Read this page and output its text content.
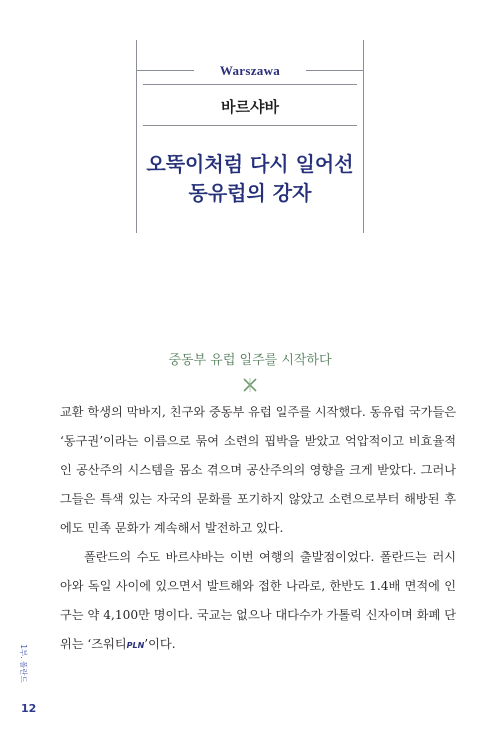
Warszawa
바르샤바
오뚝이처럼 다시 일어선
동유럽의 강자
중동부 유럽 일주를 시작하다

교환 학생의 막바지, 친구와 중동부 유럽 일주를 시작했다. 동유럽 국가들은 ‘동구권’이라는 이름으로 묶여 소련의 핍박을 받았고 억압적이고 비효율적인 공산주의 시스템을 몸소 겪으며 공산주의의 영향을 크게 받았다. 그러나 그들은 특색 있는 자국의 문화를 포기하지 않았고 소련으로부터 해방된 후에도 민족 문화가 계속해서 발전하고 있다.

폴란드의 수도 바르샤바는 이번 여행의 출발점이었다. 폴란드는 러시아와 독일 사이에 있으면서 발트해와 접한 나라로, 한반도 1.4배 면적에 인구는 약 4,100만 명이다. 국교는 없으나 대다수가 가톨릭 신자이며 화폐 단위는 ‘즈워티PLN’이다.

1부. 폴란드
12
